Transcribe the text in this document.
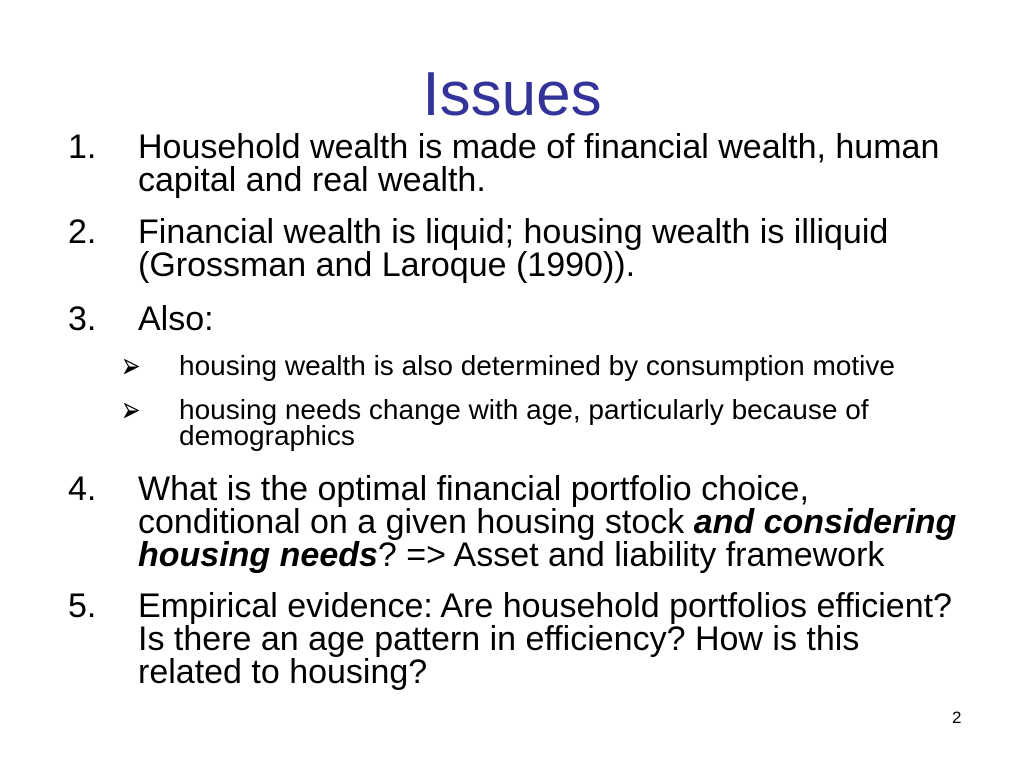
Issues
1. Household wealth is made of financial wealth, human
capital and real wealth.
2. Financial wealth is liquid; housing wealth is illiquid
(Grossman and Laroque (1990)).
3. Also:
housing wealth is also determined by consumption motive
housing needs change with age, particularly because of
demographics
4. What is the optimal financial portfolio choice,
conditional on a given housing stock and considering
housing needs? => Asset and liability framework
5. Empirical evidence: Are household portfolios efficient?
Is there an age pattern in efficiency? How is this
related to housing?
2
